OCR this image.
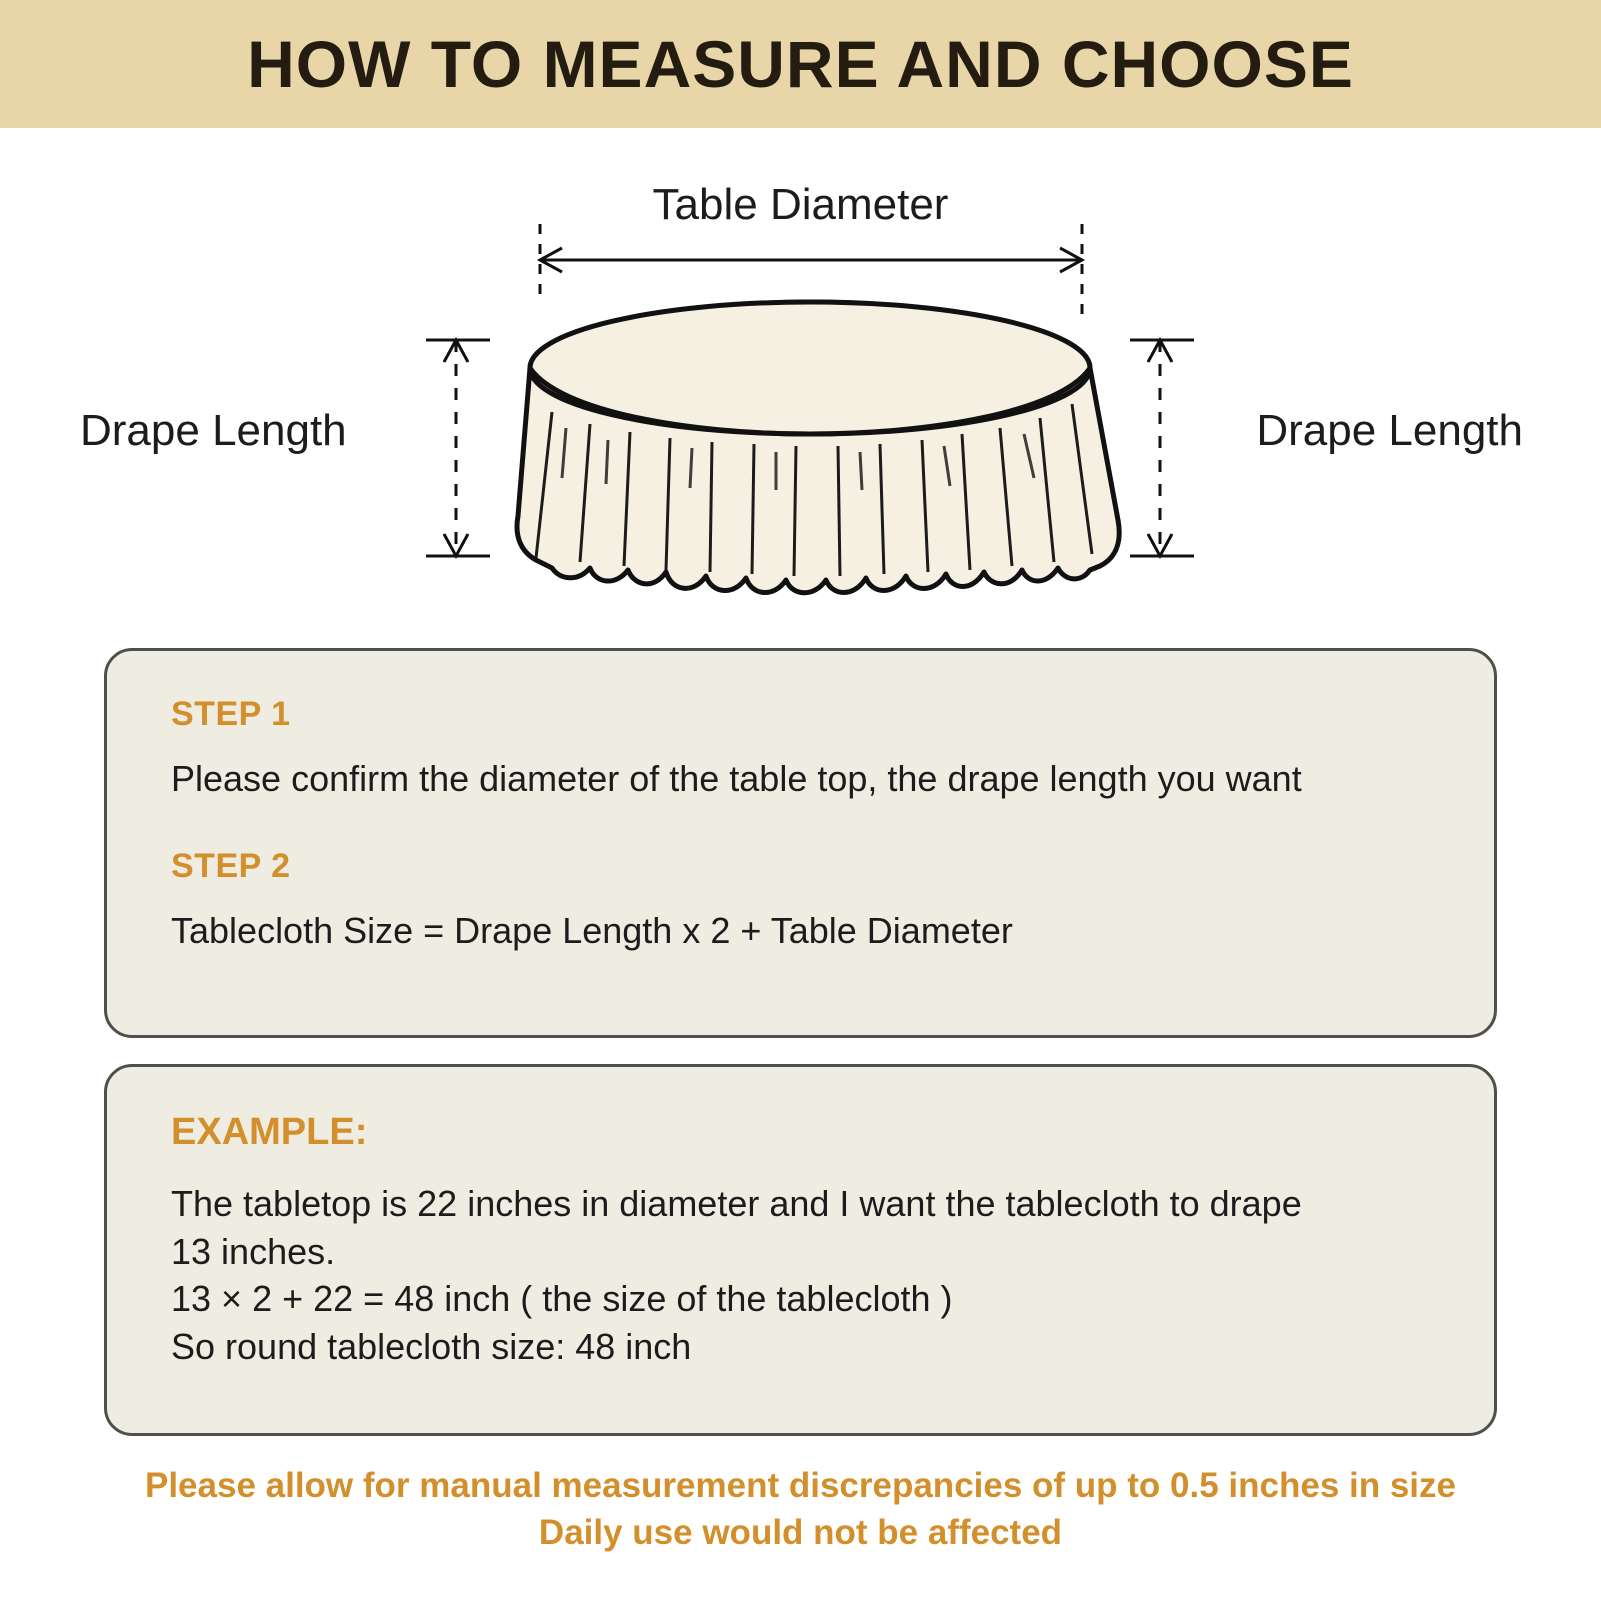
HOW TO MEASURE AND CHOOSE
Table Diameter
Drape Length	Drape Length

STEP 1

Please confirm the diameter of the table top, the drape length you want

STEP 2

Tablecloth Size = Drape Length x 2 + Table Diameter

EXAMPLE:

The tabletop is 22 inches in diameter and I want the tablecloth to drape

13 inches.

13 × 2 + 22 = 48 inch ( the size of the tablecloth )

So round tablecloth size: 48 inch

Please allow for manual measurement discrepancies of up to 0.5 inches in size
Daily use would not be affected
